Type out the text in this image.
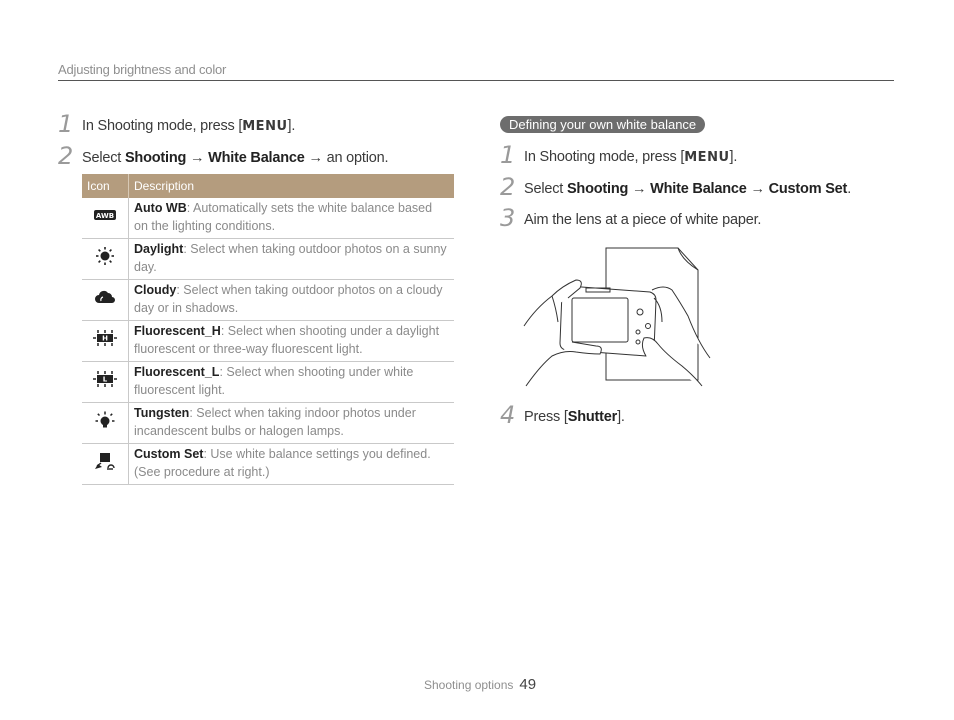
Adjusting brightness and color
1 In Shooting mode, press [MENU].
2 Select Shooting → White Balance → an option.
Icon	Description

AWB	Auto WB: Automatically sets the white balance based on the lighting conditions.
	Daylight: Select when taking outdoor photos on a sunny day.
	Cloudy: Select when taking outdoor photos on a cloudy day or in shadows.

H	Fluorescent_H: Select when shooting under a daylight fluorescent or three-way fluorescent light.

L	Fluorescent_L: Select when shooting under white fluorescent light.
	Tungsten: Select when taking indoor photos under incandescent bulbs or halogen lamps.
	Custom Set: Use white balance settings you defined. (See procedure at right.)
Defining your own white balance
1 In Shooting mode, press [MENU].
2 Select Shooting → White Balance → Custom Set.
3 Aim the lens at a piece of white paper.
4 Press [Shutter].
Shooting options 49
